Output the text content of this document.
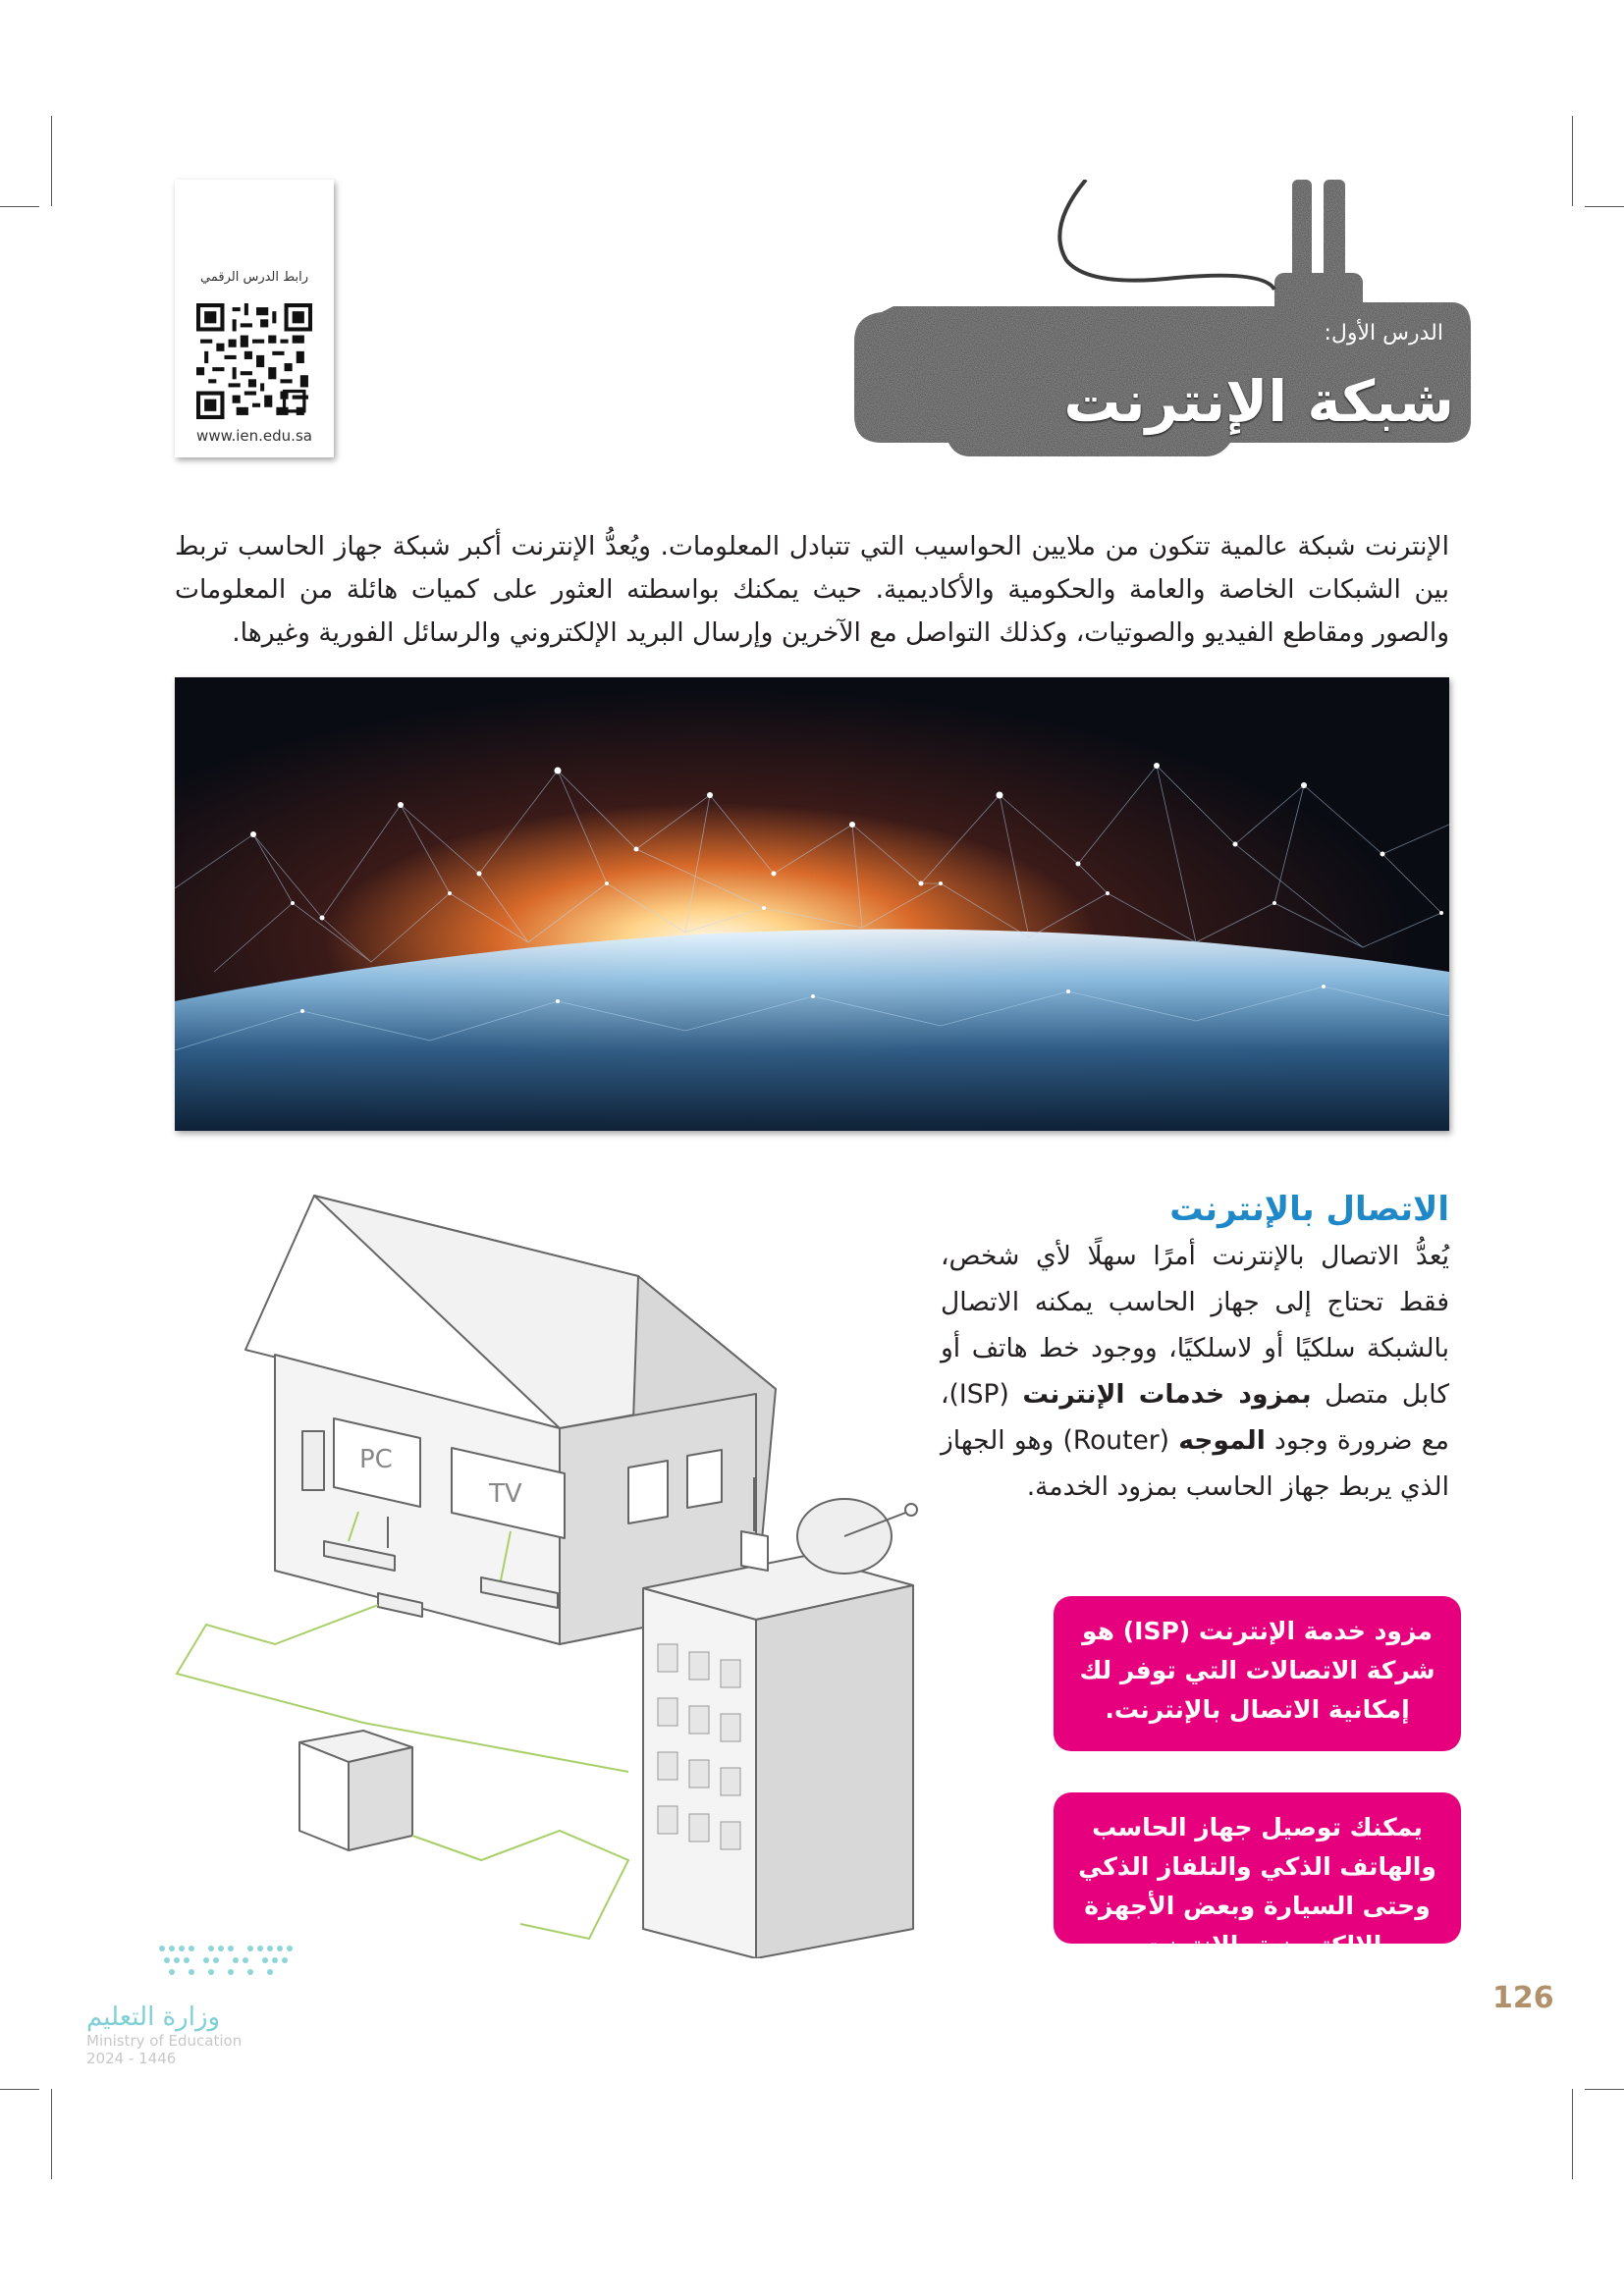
رابط الدرس الرقمي
www.ien.edu.sa
الدرس الأول:
شبكة الإنترنت
الإنترنت شبكة عالمية تتكون من ملايين الحواسيب التي تتبادل المعلومات. ويُعدُّ الإنترنت أكبر شبكة جهاز الحاسب تربط بين الشبكات الخاصة والعامة والحكومية والأكاديمية. حيث يمكنك بواسطته العثور على كميات هائلة من المعلومات والصور ومقاطع الفيديو والصوتيات، وكذلك التواصل مع الآخرين وإرسال البريد الإلكتروني والرسائل الفورية وغيرها.
الاتصال بالإنترنت
يُعدُّ الاتصال بالإنترنت أمرًا سهلًا لأي شخص، فقط تحتاج إلى جهاز الحاسب يمكنه الاتصال بالشبكة سلكيًا أو لاسلكيًا، ووجود خط هاتف أو كابل متصل بمزود خدمات الإنترنت (ISP)، مع ضرورة وجود الموجه (Router) وهو الجهاز الذي يربط جهاز الحاسب بمزود الخدمة.
PC
TV
مزود خدمة الإنترنت (ISP) هو شركة الاتصالات التي توفر لك إمكانية الاتصال بالإنترنت.
يمكنك توصيل جهاز الحاسب والهاتف الذكي والتلفاز الذكي وحتى السيارة وبعض الأجهزة الإلكترونية بالإنترنت.
وزارة التعليم
Ministry of Education
2024 - 1446
126
